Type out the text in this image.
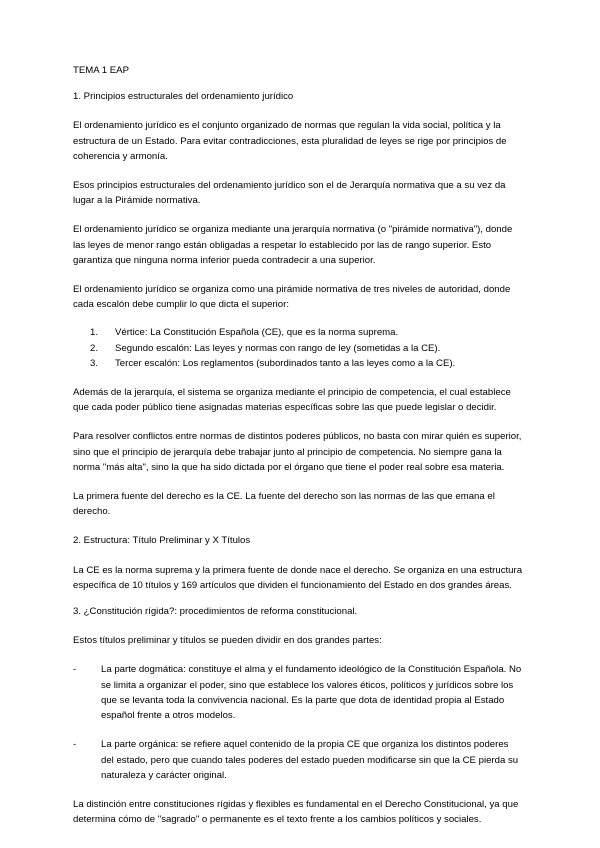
TEMA 1 EAP

1. Principios estructurales del ordenamiento jurídico

El ordenamiento jurídico es el conjunto organizado de normas que regulan la vida social, política y la estructura de un Estado. Para evitar contradicciones, esta pluralidad de leyes se rige por principios de coherencia y armonía.

Esos principios estructurales del ordenamiento jurídico son el de Jerarquía normativa que a su vez da lugar a la Pirámide normativa.

El ordenamiento jurídico se organiza mediante una jerarquía normativa (o "pirámide normativa"), donde las leyes de menor rango están obligadas a respetar lo establecido por las de rango superior. Esto garantiza que ninguna norma inferior pueda contradecir a una superior.

El ordenamiento jurídico se organiza como una pirámide normativa de tres niveles de autoridad, donde cada escalón debe cumplir lo que dicta el superior:

1.	Vértice: La Constitución Española (CE), que es la norma suprema.
2.	Segundo escalón: Las leyes y normas con rango de ley (sometidas a la CE).
3.	Tercer escalón: Los reglamentos (subordinados tanto a las leyes como a la CE).

Además de la jerarquía, el sistema se organiza mediante el principio de competencia, el cual establece que cada poder público tiene asignadas materias específicas sobre las que puede legislar o decidir.

Para resolver conflictos entre normas de distintos poderes públicos, no basta con mirar quién es superior, sino que el principio de jerarquía debe trabajar junto al principio de competencia. No siempre gana la norma "más alta", sino la que ha sido dictada por el órgano que tiene el poder real sobre esa materia.

La primera fuente del derecho es la CE. La fuente del derecho son las normas de las que emana el derecho.

2. Estructura: Título Preliminar y X Títulos

La CE es la norma suprema y la primera fuente de donde nace el derecho. Se organiza en una estructura específica de 10 títulos y 169 artículos que dividen el funcionamiento del Estado en dos grandes áreas.

3. ¿Constitución rígida?: procedimientos de reforma constitucional.

Estos títulos preliminar y títulos se pueden dividir en dos grandes partes:

-	La parte dogmática: constituye el alma y el fundamento ideológico de la Constitución Española. No se limita a organizar el poder, sino que establece los valores éticos, políticos y jurídicos sobre los que se levanta toda la convivencia nacional. Es la parte que dota de identidad propia al Estado español frente a otros modelos.
-	La parte orgánica: se refiere aquel contenido de la propia CE que organiza los distintos poderes del estado, pero que cuando tales poderes del estado pueden modificarse sin que la CE pierda su naturaleza y carácter original.

La distinción entre constituciones rígidas y flexibles es fundamental en el Derecho Constitucional, ya que determina cómo de "sagrado" o permanente es el texto frente a los cambios políticos y sociales.
